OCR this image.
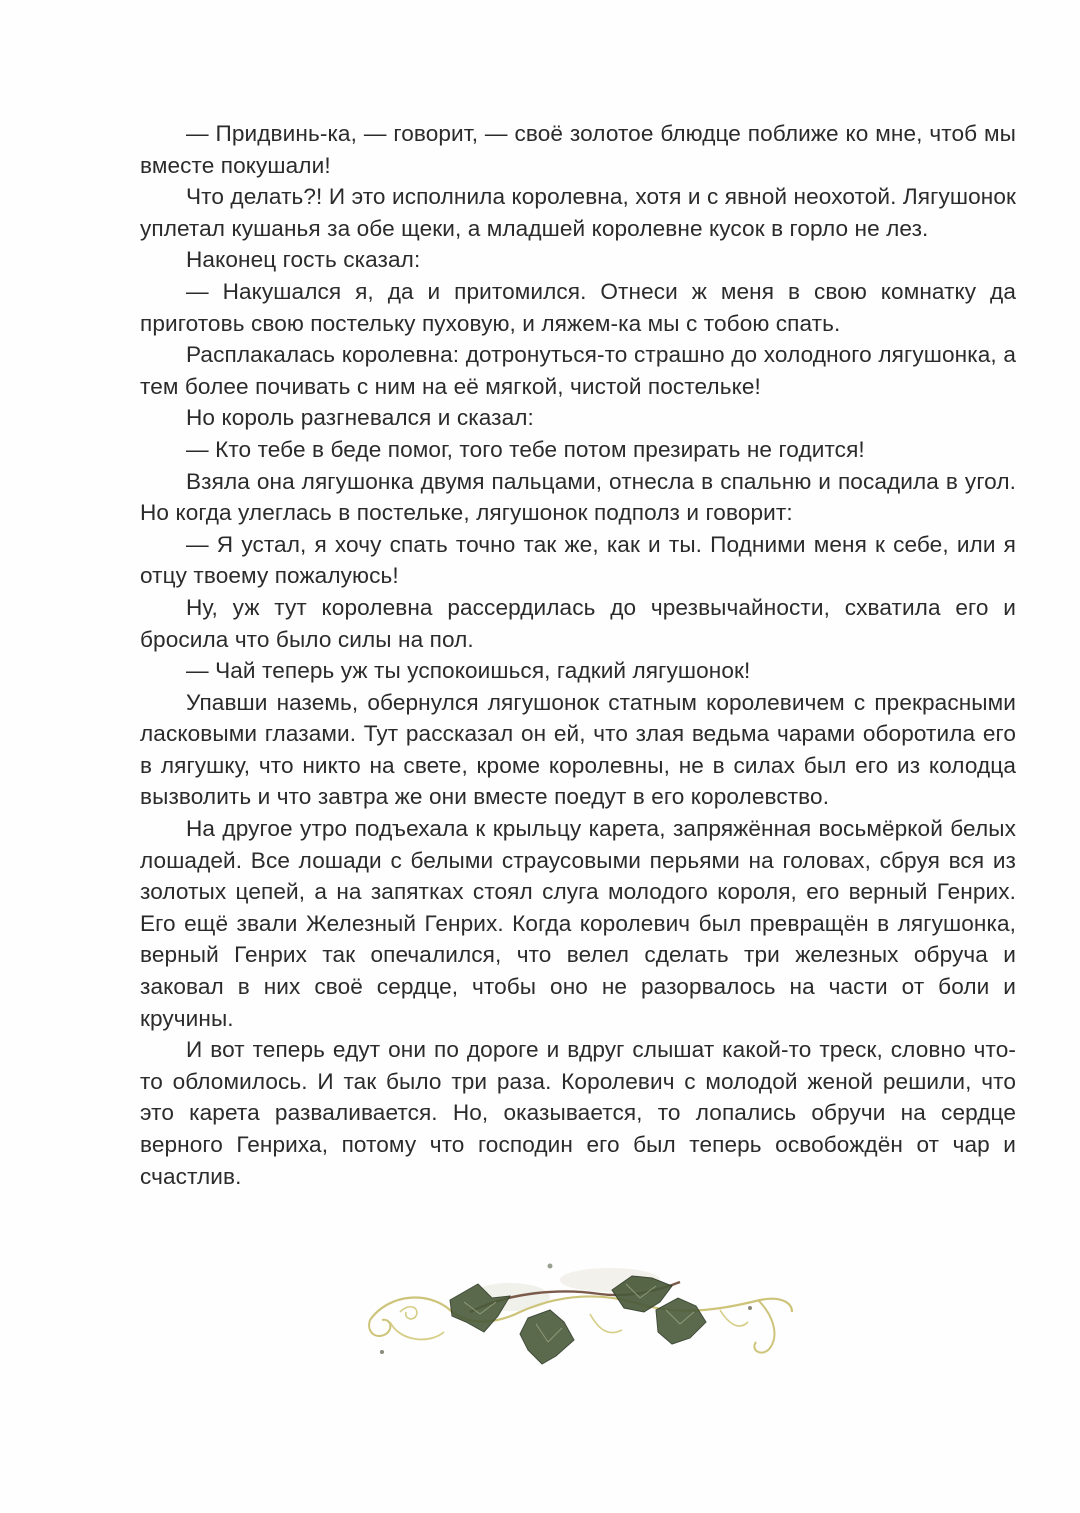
— Придвинь-ка, — говорит, — своё золотое блюдце поближе ко мне, чтоб мы вместе покушали!

Что делать?! И это исполнила королевна, хотя и с явной неохотой. Лягушонок уплетал кушанья за обе щеки, а младшей королевне кусок в горло не лез.

Наконец гость сказал:

— Накушался я, да и притомился. Отнеси ж меня в свою комнатку да приготовь свою постельку пуховую, и ляжем-ка мы с тобою спать.

Расплакалась королевна: дотронуться-то страшно до холодного лягушонка, а тем более почивать с ним на её мягкой, чистой постельке!

Но король разгневался и сказал:

— Кто тебе в беде помог, того тебе потом презирать не годится!

Взяла она лягушонка двумя пальцами, отнесла в спальню и посадила в угол. Но когда улеглась в постельке, лягушонок подполз и говорит:

— Я устал, я хочу спать точно так же, как и ты. Подними меня к себе, или я отцу твоему пожалуюсь!

Ну, уж тут королевна рассердилась до чрезвычайности, схватила его и бросила что было силы на пол.

— Чай теперь уж ты успокоишься, гадкий лягушонок!

Упавши наземь, обернулся лягушонок статным королевичем с прекрасными ласковыми глазами. Тут рассказал он ей, что злая ведьма чарами оборотила его в лягушку, что никто на свете, кроме королевны, не в силах был его из колодца вызволить и что завтра же они вместе поедут в его королевство.

На другое утро подъехала к крыльцу карета, запряжённая восьмёркой белых лошадей. Все лошади с белыми страусовыми перьями на головах, сбруя вся из золотых цепей, а на запятках стоял слуга молодого короля, его верный Генрих. Его ещё звали Железный Генрих. Когда королевич был превращён в лягушонка, верный Генрих так опечалился, что велел сделать три железных обруча и заковал в них своё сердце, чтобы оно не разорвалось на части от боли и кручины.

И вот теперь едут они по дороге и вдруг слышат какой-то треск, словно что-то обломилось. И так было три раза. Королевич с молодой женой решили, что это карета разваливается. Но, оказывается, то лопались обручи на сердце верного Генриха, потому что господин его был теперь освобождён от чар и счастлив.
